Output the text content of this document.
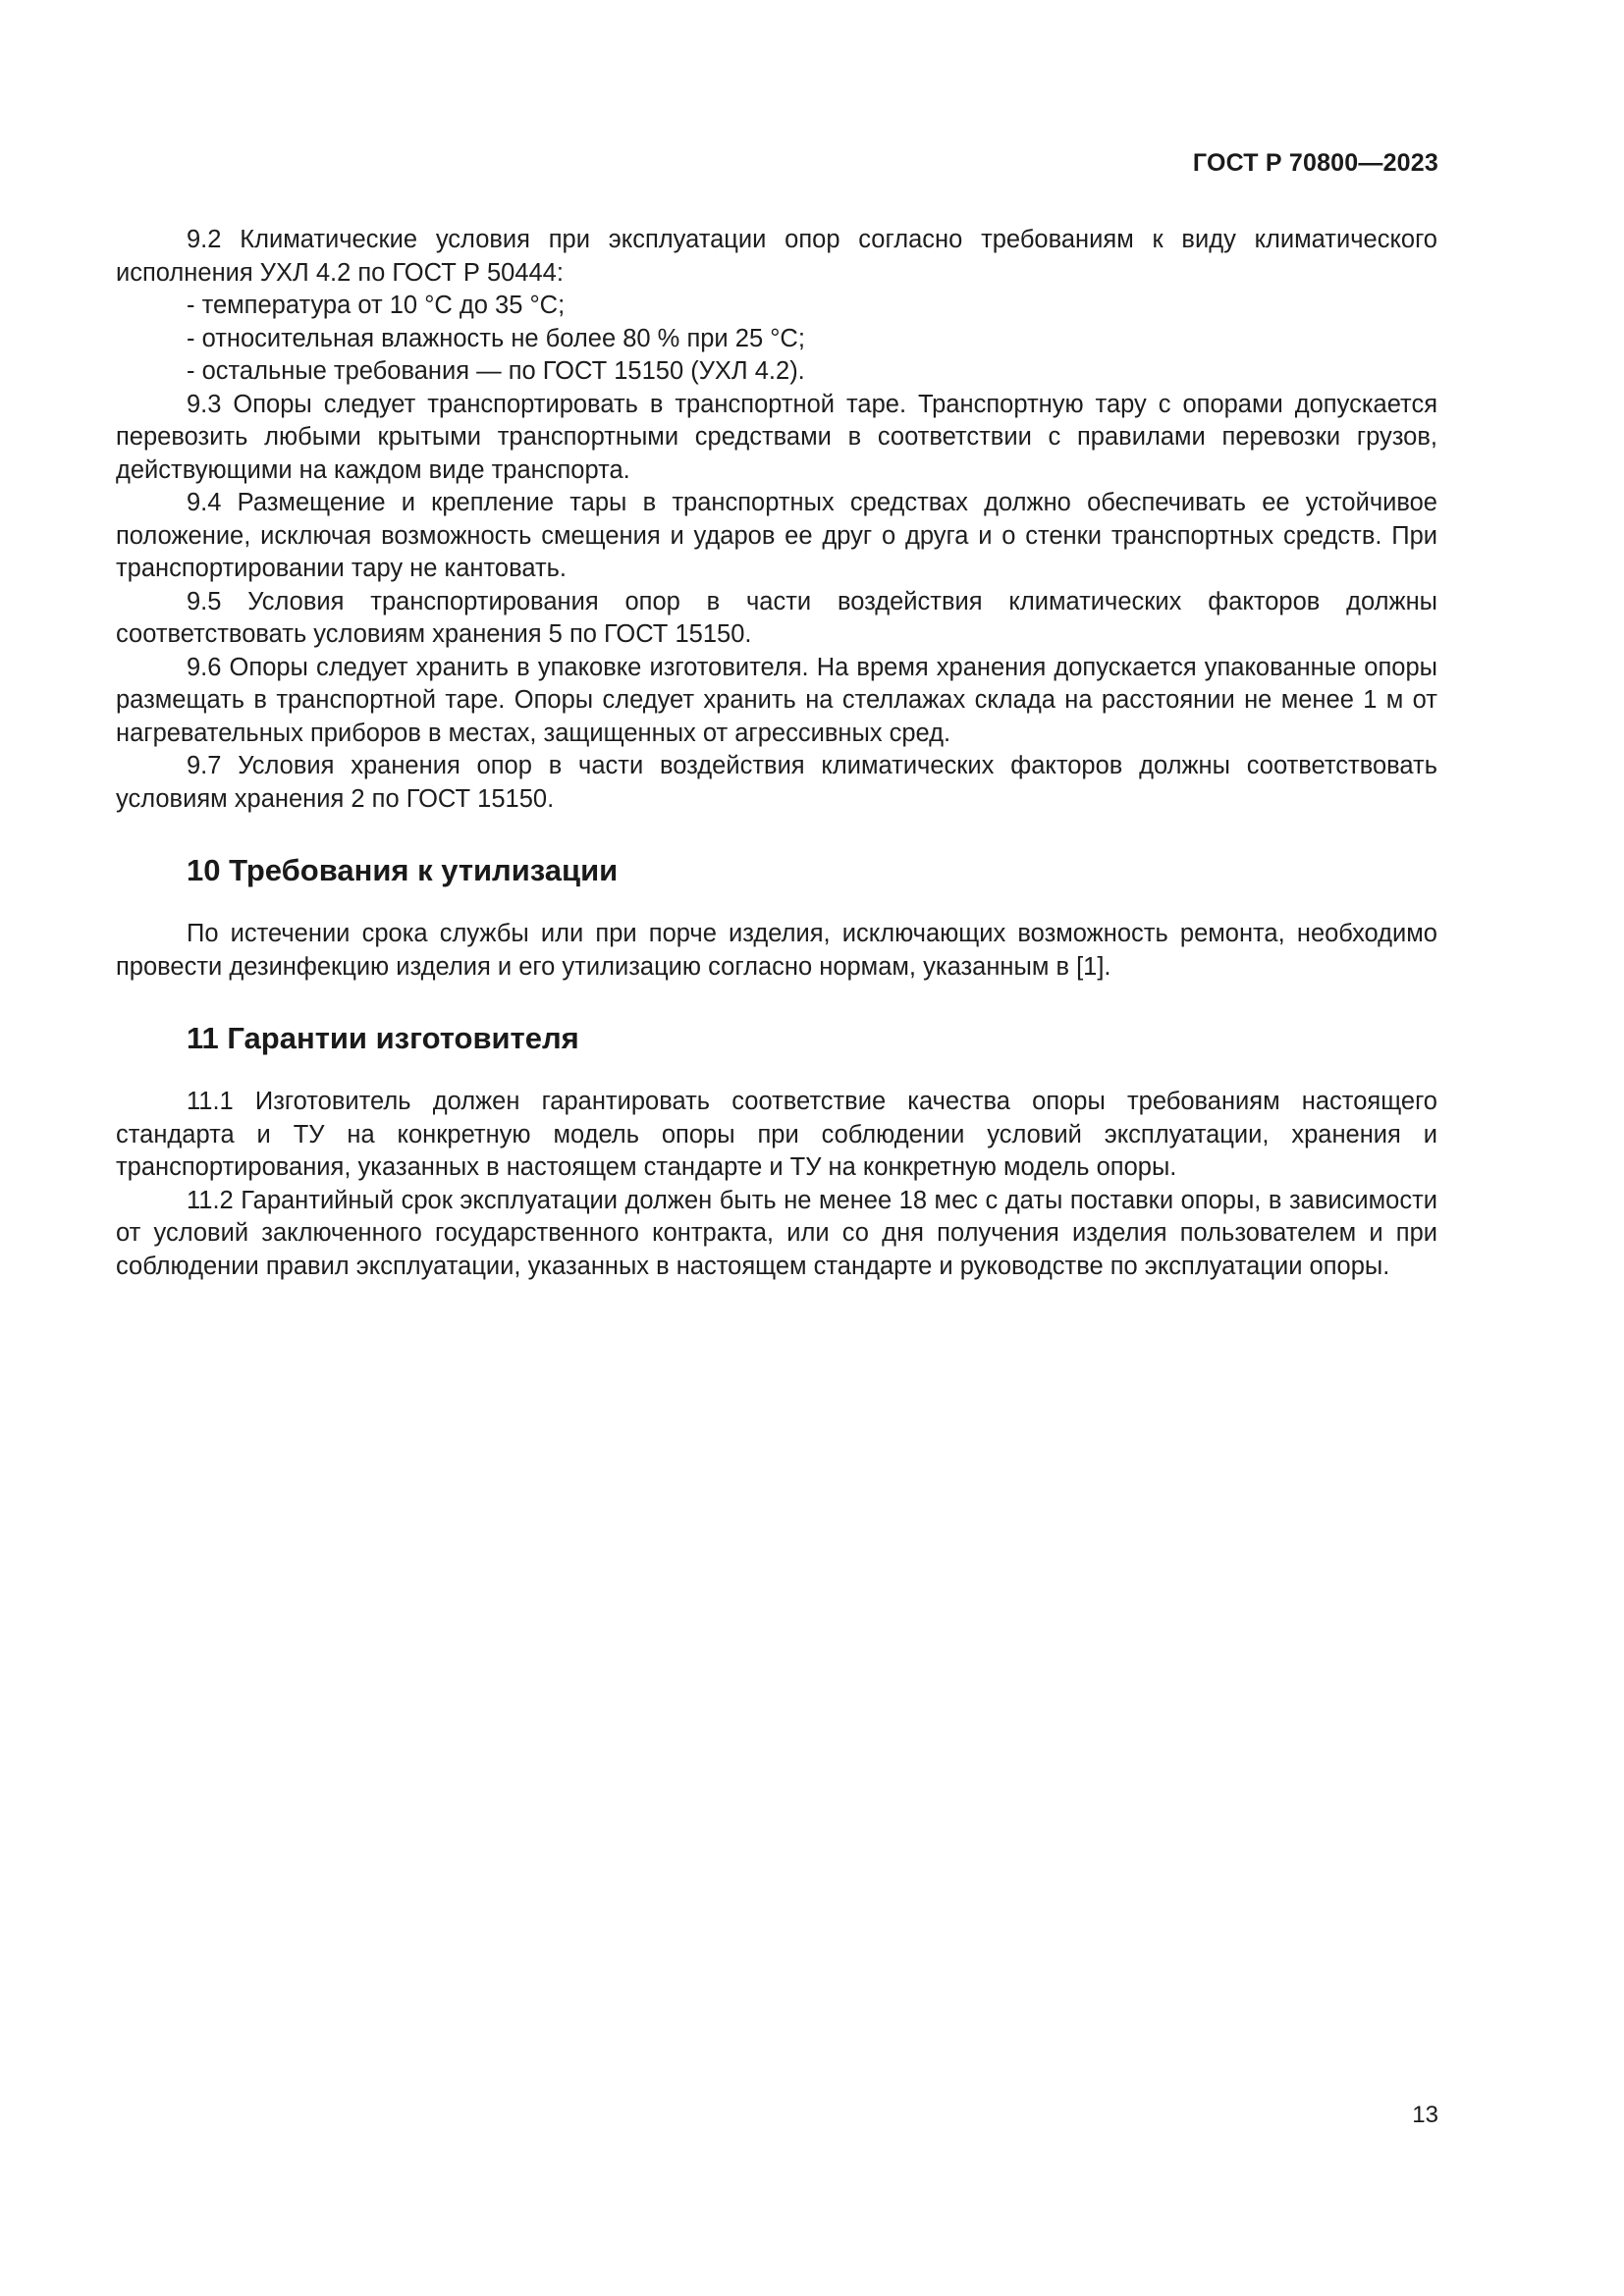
ГОСТ Р 70800—2023

9.2 Климатические условия при эксплуатации опор согласно требованиям к виду климатического исполнения УХЛ 4.2 по ГОСТ Р 50444:

- температура от 10 °С до 35 °С;

- относительная влажность не более 80 % при 25 °С;

- остальные требования — по ГОСТ 15150 (УХЛ 4.2).

9.3 Опоры следует транспортировать в транспортной таре. Транспортную тару с опорами допускается перевозить любыми крытыми транспортными средствами в соответствии с правилами перевозки грузов, действующими на каждом виде транспорта.

9.4 Размещение и крепление тары в транспортных средствах должно обеспечивать ее устойчивое положение, исключая возможность смещения и ударов ее друг о друга и о стенки транспортных средств. При транспортировании тару не кантовать.

9.5 Условия транспортирования опор в части воздействия климатических факторов должны соответствовать условиям хранения 5 по ГОСТ 15150.

9.6 Опоры следует хранить в упаковке изготовителя. На время хранения допускается упакованные опоры размещать в транспортной таре. Опоры следует хранить на стеллажах склада на расстоянии не менее 1 м от нагревательных приборов в местах, защищенных от агрессивных сред.

9.7 Условия хранения опор в части воздействия климатических факторов должны соответствовать условиям хранения 2 по ГОСТ 15150.

10 Требования к утилизации

По истечении срока службы или при порче изделия, исключающих возможность ремонта, необходимо провести дезинфекцию изделия и его утилизацию согласно нормам, указанным в [1].

11 Гарантии изготовителя

11.1 Изготовитель должен гарантировать соответствие качества опоры требованиям настоящего стандарта и ТУ на конкретную модель опоры при соблюдении условий эксплуатации, хранения и транспортирования, указанных в настоящем стандарте и ТУ на конкретную модель опоры.

11.2 Гарантийный срок эксплуатации должен быть не менее 18 мес с даты поставки опоры, в зависимости от условий заключенного государственного контракта, или со дня получения изделия пользователем и при соблюдении правил эксплуатации, указанных в настоящем стандарте и руководстве по эксплуатации опоры.

13
